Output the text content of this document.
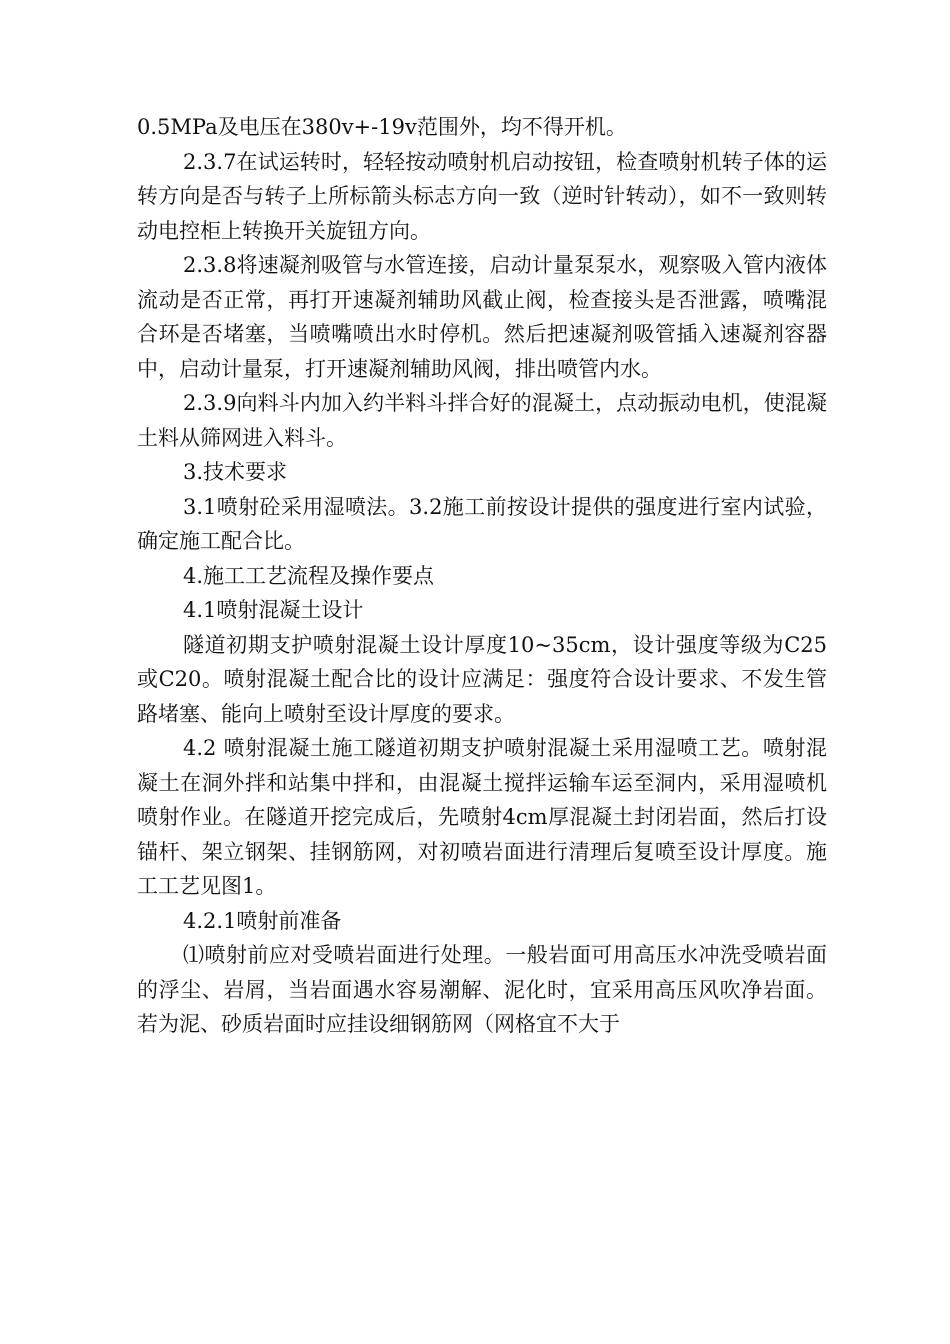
0.5MPa及电压在380v+-19v范围外，均不得开机。

2.3.7在试运转时，轻轻按动喷射机启动按钮，检查喷射机转子体的运转方向是否与转子上所标箭头标志方向一致（逆时针转动），如不一致则转动电控柜上转换开关旋钮方向。

2.3.8将速凝剂吸管与水管连接，启动计量泵泵水，观察吸入管内液体流动是否正常，再打开速凝剂辅助风截止阀，检查接头是否泄露，喷嘴混合环是否堵塞，当喷嘴喷出水时停机。然后把速凝剂吸管插入速凝剂容器中，启动计量泵，打开速凝剂辅助风阀，排出喷管内水。

2.3.9向料斗内加入约半料斗拌合好的混凝土，点动振动电机，使混凝土料从筛网进入料斗。

3.技术要求

3.1喷射砼采用湿喷法。3.2施工前按设计提供的强度进行室内试验，确定施工配合比。

4.施工工艺流程及操作要点

4.1喷射混凝土设计

隧道初期支护喷射混凝土设计厚度10~35cm，设计强度等级为C25或C20。喷射混凝土配合比的设计应满足：强度符合设计要求、不发生管路堵塞、能向上喷射至设计厚度的要求。

4.2 喷射混凝土施工隧道初期支护喷射混凝土采用湿喷工艺。喷射混凝土在洞外拌和站集中拌和，由混凝土搅拌运输车运至洞内，采用湿喷机喷射作业。在隧道开挖完成后，先喷射4cm厚混凝土封闭岩面，然后打设锚杆、架立钢架、挂钢筋网，对初喷岩面进行清理后复喷至设计厚度。施工工艺见图1。

4.2.1喷射前准备

⑴喷射前应对受喷岩面进行处理。一般岩面可用高压水冲洗受喷岩面的浮尘、岩屑，当岩面遇水容易潮解、泥化时，宜采用高压风吹净岩面。若为泥、砂质岩面时应挂设细钢筋网（网格宜不大于
